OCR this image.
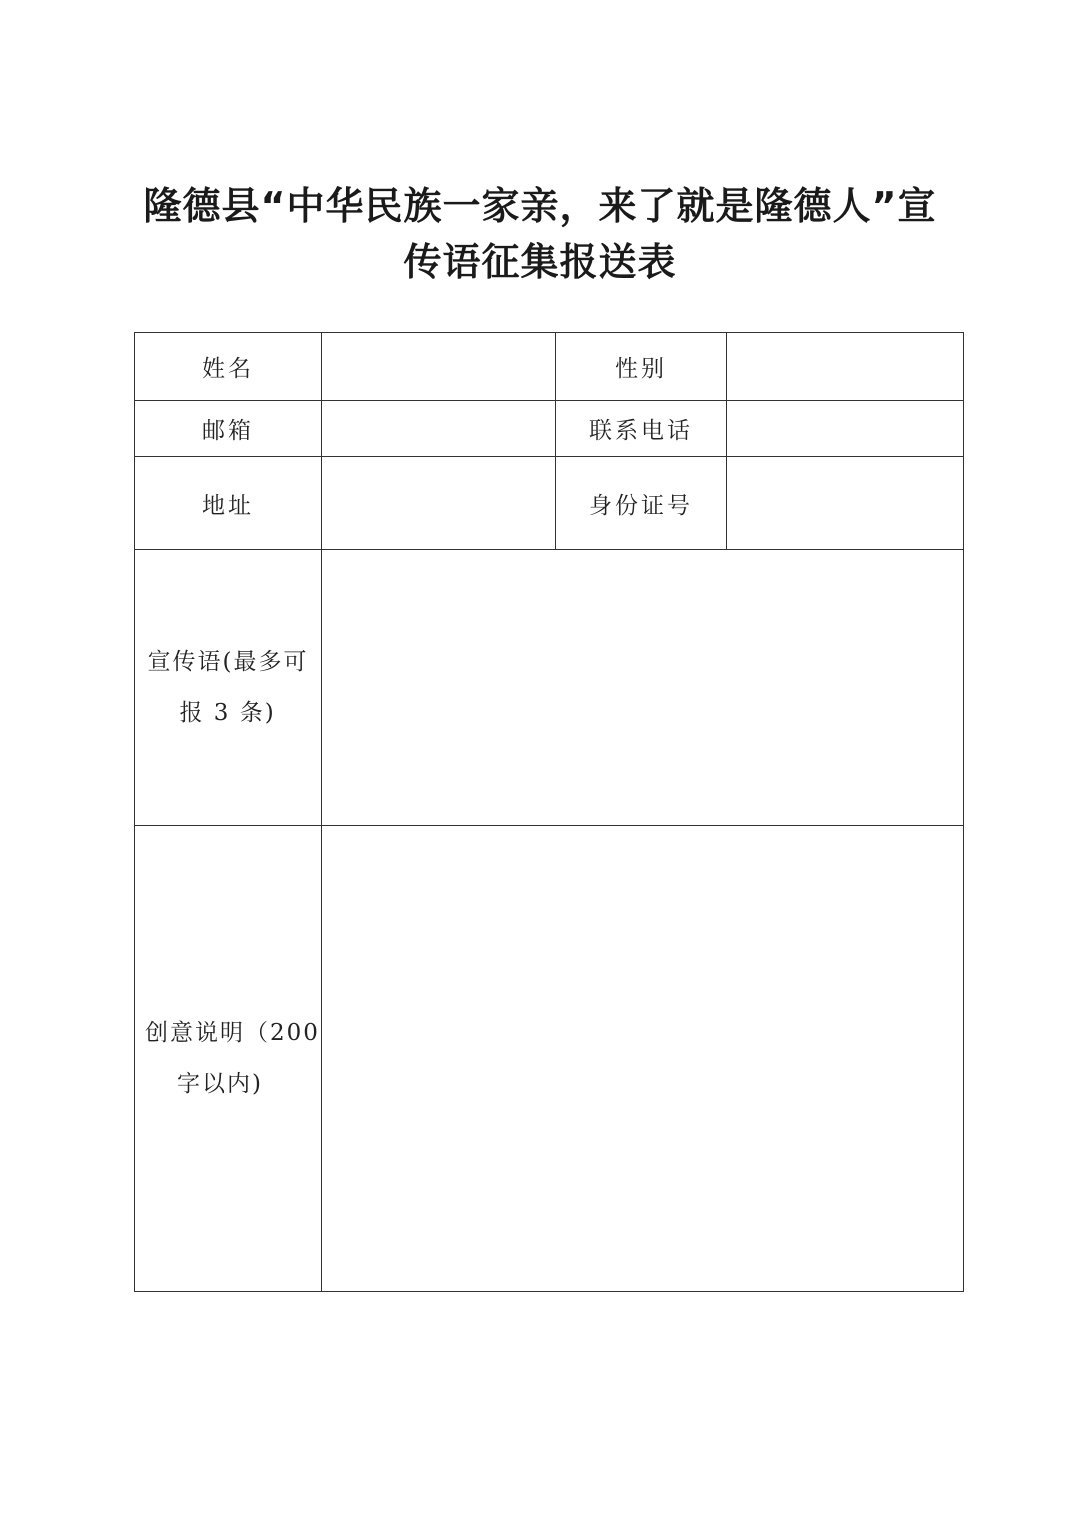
隆德县“中华民族一家亲，来了就是隆德人”宣
传语征集报送表
姓名		性别	
邮箱		联系电话	
地址		身份证号	

宣传语(最多可
报 3 条)			

创意说明（200
字以内)			
